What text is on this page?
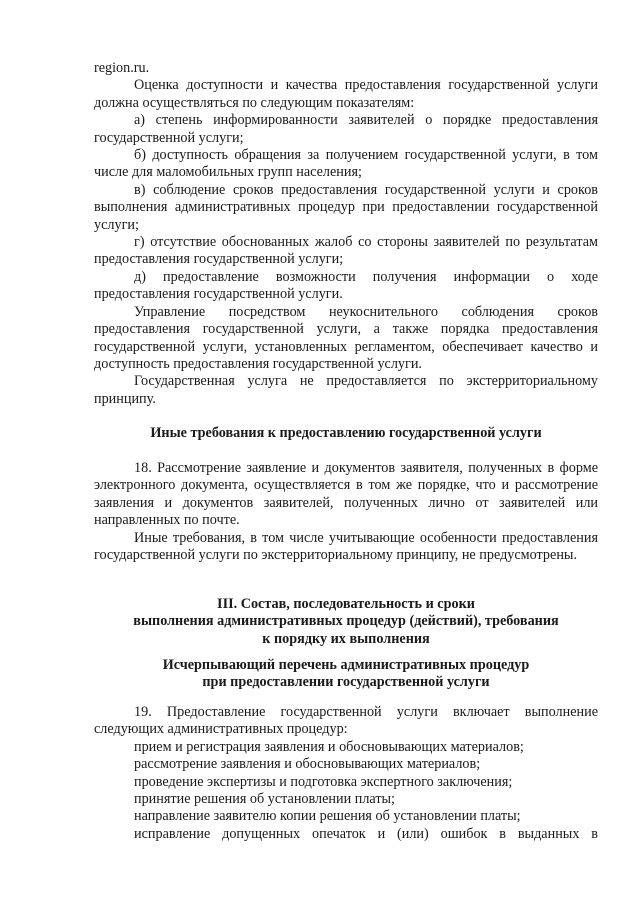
region.ru.

Оценка доступности и качества предоставления государственной услуги должна осуществляться по следующим показателям:

а) степень информированности заявителей о порядке предоставления государственной услуги;

б) доступность обращения за получением государственной услуги, в том числе для маломобильных групп населения;

в) соблюдение сроков предоставления государственной услуги и сроков выполнения административных процедур при предоставлении государственной услуги;

г) отсутствие обоснованных жалоб со стороны заявителей по результатам предоставления государственной услуги;

д) предоставление возможности получения информации о ходе предоставления государственной услуги.

Управление посредством неукоснительного соблюдения сроков предоставления государственной услуги, а также порядка предоставления государственной услуги, установленных регламентом, обеспечивает качество и доступность предоставления государственной услуги.

Государственная услуга не предоставляется по экстерриториальному принципу.

Иные требования к предоставлению государственной услуги

18. Рассмотрение заявление и документов заявителя, полученных в форме электронного документа, осуществляется в том же порядке, что и рассмотрение заявления и документов заявителей, полученных лично от заявителей или направленных по почте.

Иные требования, в том числе учитывающие особенности предоставления государственной услуги по экстерриториальному принципу, не предусмотрены.

III. Состав, последовательность и сроки

выполнения административных процедур (действий), требования

к порядку их выполнения

Исчерпывающий перечень административных процедур

при предоставлении государственной услуги

19. Предоставление государственной услуги включает выполнение следующих административных процедур:

прием и регистрация заявления и обосновывающих материалов;

рассмотрение заявления и обосновывающих материалов;

проведение экспертизы и подготовка экспертного заключения;

принятие решения об установлении платы;

направление заявителю копии решения об установлении платы;

исправление допущенных опечаток и (или) ошибок в выданных в
